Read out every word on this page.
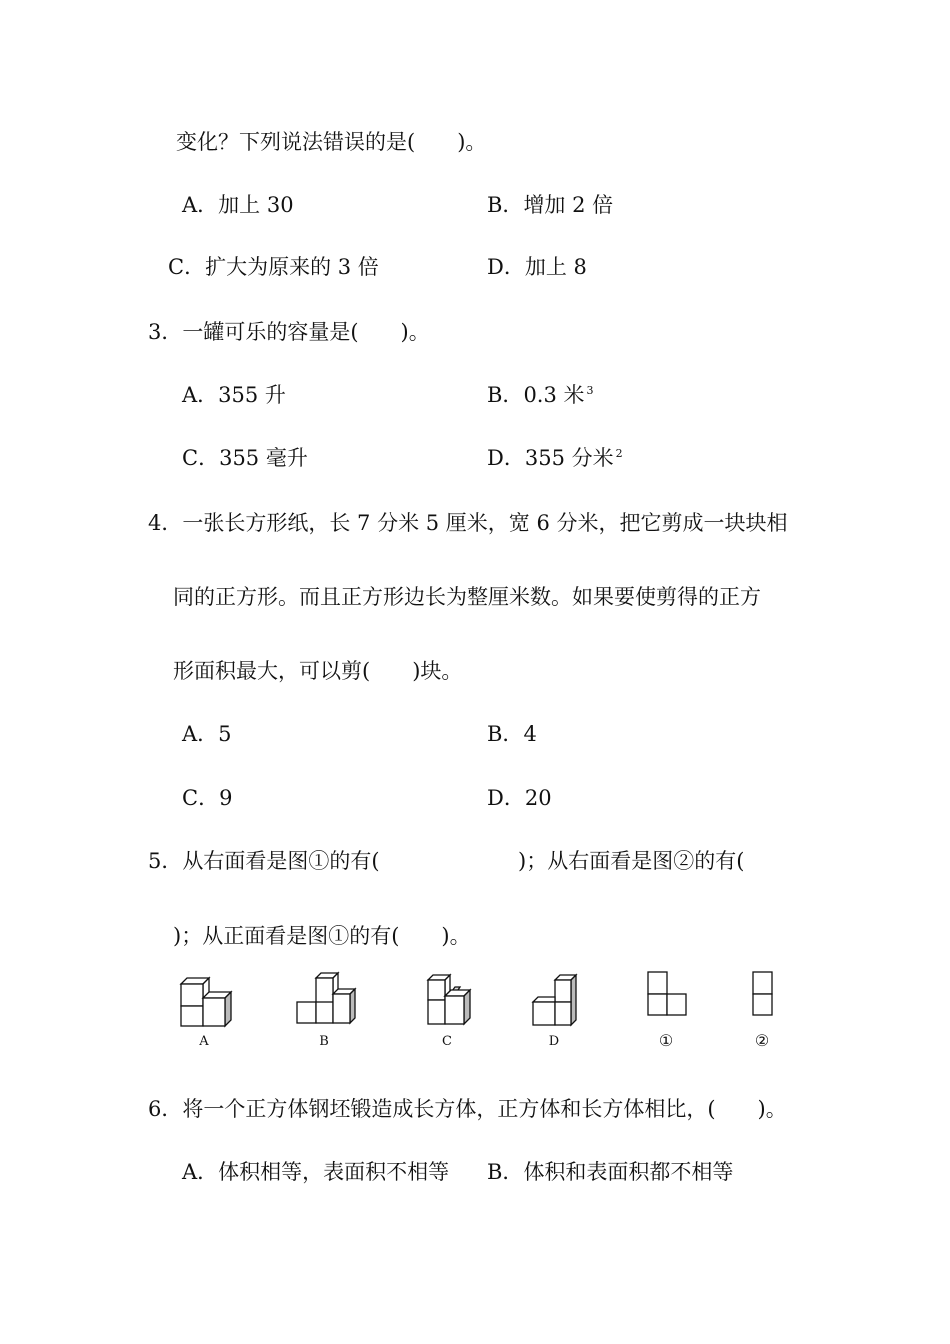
变化？下列说法错误的是(　　)。
A．加上 30	B．增加 2 倍
C．扩大为原来的 3 倍	D．加上 8
3．一罐可乐的容量是(　　)。
A．355 升	B．0.3 米 $^3$
C．355 毫升	D．355 分米 $^2$
4．一张长方形纸，长 7 分米 5 厘米，宽 6 分米，把它剪成一块块相
同的正方形。而且正方形边长为整厘米数。如果要使剪得的正方
形面积最大，可以剪(　　)块。
A．5	B．4
C．9	D．20
5．从右面看是图①的有(	)；从右面看是图②的有(
)；从正面看是图①的有(　　)。
A	B	C	D	①	②
6．将一个正方体钢坯锻造成长方体，正方体和长方体相比，(　　)。
A．体积相等，表面积不相等 B．体积和表面积都不相等
